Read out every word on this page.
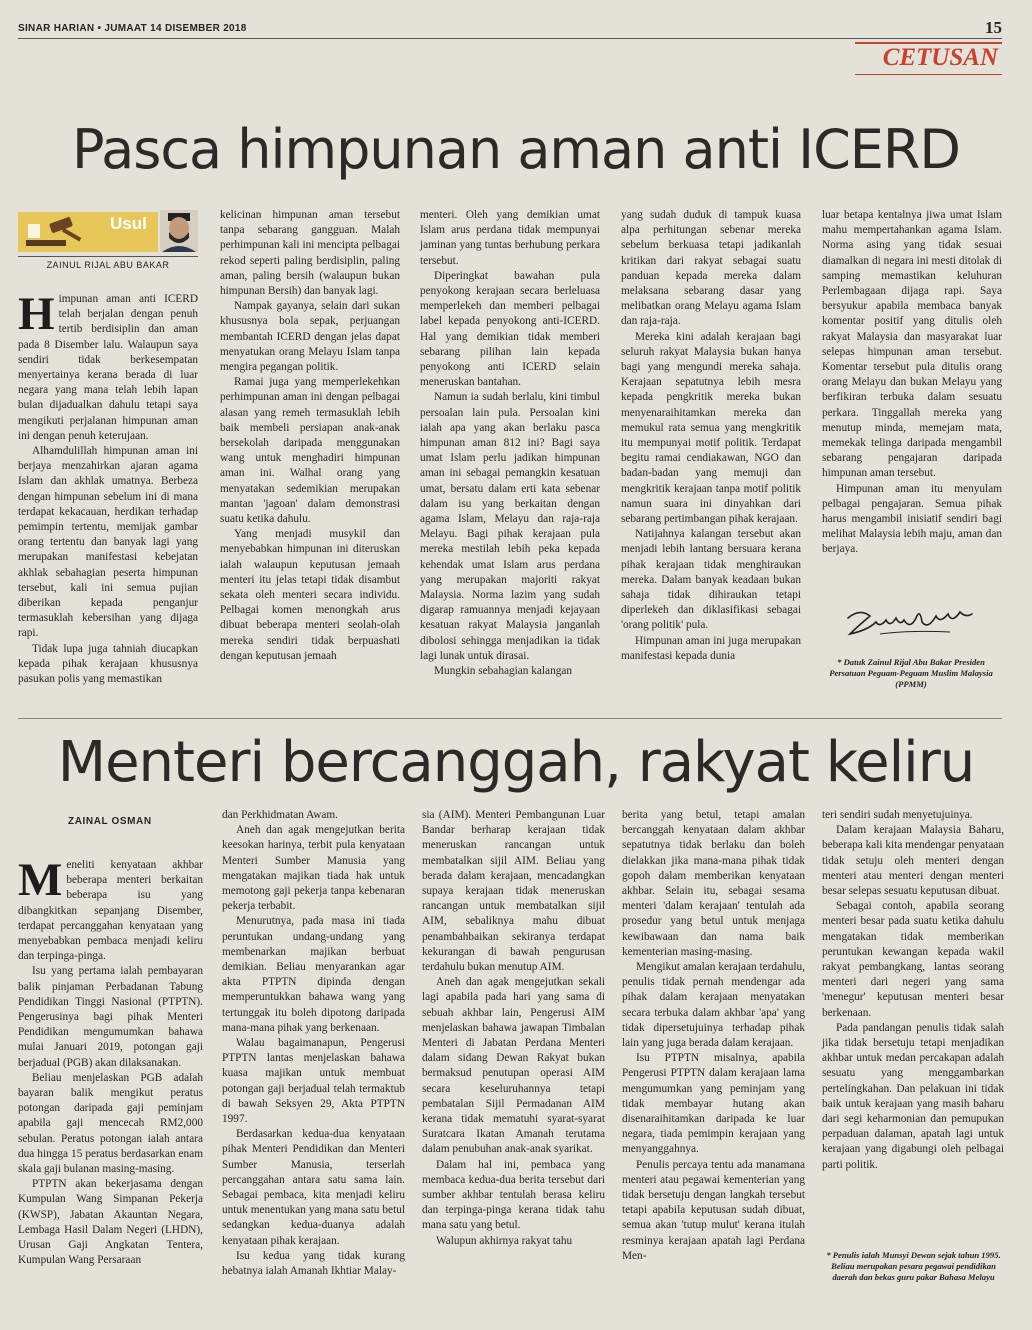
SINAR HARIAN • JUMAAT 14 DISEMBER 2018	15
CETUSAN
Pasca himpunan aman anti ICERD
Usul
ZAINUL RIJAL ABU BAKAR

Himpunan aman anti ICERD telah berjalan dengan penuh tertib berdisiplin dan aman pada 8 Disember lalu. Walaupun saya sendiri tidak berkesempatan menyertainya kerana berada di luar negara yang mana telah lebih lapan bulan dijadualkan dahulu tetapi saya mengikuti perjalanan himpunan aman ini dengan penuh keterujaan.

Alhamdulillah himpunan aman ini berjaya menzahirkan ajaran agama Islam dan akhlak umatnya. Berbeza dengan himpunan sebelum ini di mana terdapat kekacauan, herdikan terhadap pemimpin tertentu, memijak gambar orang tertentu dan banyak lagi yang merupakan manifestasi kebejatan akhlak sebahagian peserta himpunan tersebut, kali ini semua pujian diberikan kepada penganjur termasuklah kebersihan yang dijaga rapi.

Tidak lupa juga tahniah diucapkan kepada pihak kerajaan khususnya pasukan polis yang memastikan

kelicinan himpunan aman tersebut tanpa sebarang gangguan. Malah perhimpunan kali ini mencipta pelbagai rekod seperti paling berdisiplin, paling aman, paling bersih (walaupun bukan himpunan Bersih) dan banyak lagi.

Nampak gayanya, selain dari sukan khususnya bola sepak, perjuangan membantah ICERD dengan jelas dapat menyatukan orang Melayu Islam tanpa mengira pegangan politik.

Ramai juga yang memperlekehkan perhimpunan aman ini dengan pelbagai alasan yang remeh termasuklah lebih baik membeli persiapan anak-anak bersekolah daripada menggunakan wang untuk menghadiri himpunan aman ini. Walhal orang yang menyatakan sedemikian merupakan mantan 'jagoan' dalam demonstrasi suatu ketika dahulu.

Yang menjadi musykil dan menyebabkan himpunan ini diteruskan ialah walaupun keputusan jemaah menteri itu jelas tetapi tidak disambut sekata oleh menteri secara individu. Pelbagai komen menongkah arus dibuat beberapa menteri seolah-olah mereka sendiri tidak berpuashati dengan keputusan jemaah

menteri. Oleh yang demikian umat Islam arus perdana tidak mempunyai jaminan yang tuntas berhubung perkara tersebut.

Diperingkat bawahan pula penyokong kerajaan secara berleluasa memperlekeh dan memberi pelbagai label kepada penyokong anti-ICERD. Hal yang demikian tidak memberi sebarang pilihan lain kepada penyokong anti ICERD selain meneruskan bantahan.

Namun ia sudah berlalu, kini timbul persoalan lain pula. Persoalan kini ialah apa yang akan berlaku pasca himpunan aman 812 ini? Bagi saya umat Islam perlu jadikan himpunan aman ini sebagai pemangkin kesatuan umat, bersatu dalam erti kata sebenar dalam isu yang berkaitan dengan agama Islam, Melayu dan raja-raja Melayu. Bagi pihak kerajaan pula mereka mestilah lebih peka kepada kehendak umat Islam arus perdana yang merupakan majoriti rakyat Malaysia. Norma lazim yang sudah digarap ramuannya menjadi kejayaan kesatuan rakyat Malaysia janganlah dibolosi sehingga menjadikan ia tidak lagi lunak untuk dirasai.

Mungkin sebahagian kalangan

yang sudah duduk di tampuk kuasa alpa perhitungan sebenar mereka sebelum berkuasa tetapi jadikanlah kritikan dari rakyat sebagai suatu panduan kepada mereka dalam melaksana sebarang dasar yang melibatkan orang Melayu agama Islam dan raja-raja.

Mereka kini adalah kerajaan bagi seluruh rakyat Malaysia bukan hanya bagi yang mengundi mereka sahaja. Kerajaan sepatutnya lebih mesra kepada pengkritik mereka bukan menyenaraihitamkan mereka dan memukul rata semua yang mengkritik itu mempunyai motif politik. Terdapat begitu ramai cendiakawan, NGO dan badan-badan yang memuji dan mengkritik kerajaan tanpa motif politik namun suara ini dinyahkan dari sebarang pertimbangan pihak kerajaan.

Natijahnya kalangan tersebut akan menjadi lebih lantang bersuara kerana pihak kerajaan tidak menghiraukan mereka. Dalam banyak keadaan bukan sahaja tidak dihiraukan tetapi diperlekeh dan diklasifikasi sebagai 'orang politik' pula.

Himpunan aman ini juga merupakan manifestasi kepada dunia

luar betapa kentalnya jiwa umat Islam mahu mempertahankan agama Islam. Norma asing yang tidak sesuai diamalkan di negara ini mesti ditolak di samping memastikan keluhuran Perlembagaan dijaga rapi. Saya bersyukur apabila membaca banyak komentar positif yang ditulis oleh rakyat Malaysia dan masyarakat luar selepas himpunan aman tersebut. Komentar tersebut pula ditulis orang orang Melayu dan bukan Melayu yang berfikiran terbuka dalam sesuatu perkara. Tinggallah mereka yang menutup minda, memejam mata, memekak telinga daripada mengambil sebarang pengajaran daripada himpunan aman tersebut.

Himpunan aman itu menyulam pelbagai pengajaran. Semua pihak harus mengambil inisiatif sendiri bagi melihat Malaysia lebih maju, aman dan berjaya.

* Datuk Zainul Rijal Abu Bakar Presiden Persatuan Peguam-Peguam Muslim Malaysia (PPMM)
Menteri bercanggah, rakyat keliru
ZAINAL OSMAN

Meneliti kenyataan akhbar beberapa menteri berkaitan beberapa isu yang dibangkitkan sepanjang Disember, terdapat percanggahan kenyataan yang menyebabkan pembaca menjadi keliru dan terpinga-pinga.

Isu yang pertama ialah pembayaran balik pinjaman Perbadanan Tabung Pendidikan Tinggi Nasional (PTPTN). Pengerusinya bagi pihak Menteri Pendidikan mengumumkan bahawa mulai Januari 2019, potongan gaji berjadual (PGB) akan dilaksanakan.

Beliau menjelaskan PGB adalah bayaran balik mengikut peratus potongan daripada gaji peminjam apabila gaji mencecah RM2,000 sebulan. Peratus potongan ialah antara dua hingga 15 peratus berdasarkan enam skala gaji bulanan masing-masing.

PTPTN akan bekerjasama dengan Kumpulan Wang Simpanan Pekerja (KWSP), Jabatan Akauntan Negara, Lembaga Hasil Dalam Negeri (LHDN), Urusan Gaji Angkatan Tentera, Kumpulan Wang Persaraan

dan Perkhidmatan Awam.

Aneh dan agak mengejutkan berita keesokan harinya, terbit pula kenyataan Menteri Sumber Manusia yang mengatakan majikan tiada hak untuk memotong gaji pekerja tanpa kebenaran pekerja terbabit.

Menurutnya, pada masa ini tiada peruntukan undang-undang yang membenarkan majikan berbuat demikian. Beliau menyarankan agar akta PTPTN dipinda dengan memperuntukkan bahawa wang yang tertunggak itu boleh dipotong daripada mana-mana pihak yang berkenaan.

Walau bagaimanapun, Pengerusi PTPTN lantas menjelaskan bahawa kuasa majikan untuk membuat potongan gaji berjadual telah termaktub di bawah Seksyen 29, Akta PTPTN 1997.

Berdasarkan kedua-dua kenyataan pihak Menteri Pendidikan dan Menteri Sumber Manusia, terserlah percanggahan antara satu sama lain. Sebagai pembaca, kita menjadi keliru untuk menentukan yang mana satu betul sedangkan kedua-duanya adalah kenyataan pihak kerajaan.

Isu kedua yang tidak kurang hebatnya ialah Amanah Ikhtiar Malay-

sia (AIM). Menteri Pembangunan Luar Bandar berharap kerajaan tidak meneruskan rancangan untuk membatalkan sijil AIM. Beliau yang berada dalam kerajaan, mencadangkan supaya kerajaan tidak meneruskan rancangan untuk membatalkan sijil AIM, sebaliknya mahu dibuat penambahbaikan sekiranya terdapat kekurangan di bawah pengurusan terdahulu bukan menutup AIM.

Aneh dan agak mengejutkan sekali lagi apabila pada hari yang sama di sebuah akhbar lain, Pengerusi AIM menjelaskan bahawa jawapan Timbalan Menteri di Jabatan Perdana Menteri dalam sidang Dewan Rakyat bukan bermaksud penutupan operasi AIM secara keseluruhannya tetapi pembatalan Sijil Permadanan AIM kerana tidak mematuhi syarat-syarat Suratcara Ikatan Amanah terutama dalam penubuhan anak-anak syarikat.

Dalam hal ini, pembaca yang membaca kedua-dua berita tersebut dari sumber akhbar tentulah berasa keliru dan terpinga-pinga kerana tidak tahu mana satu yang betul.

Walupun akhirnya rakyat tahu

berita yang betul, tetapi amalan bercanggah kenyataan dalam akhbar sepatutnya tidak berlaku dan boleh dielakkan jika mana-mana pihak tidak gopoh dalam memberikan kenyataan akhbar. Selain itu, sebagai sesama menteri 'dalam kerajaan' tentulah ada prosedur yang betul untuk menjaga kewibawaan dan nama baik kementerian masing-masing.

Mengikut amalan kerajaan terdahulu, penulis tidak pernah mendengar ada pihak dalam kerajaan menyatakan secara terbuka dalam akhbar 'apa' yang tidak dipersetujuinya terhadap pihak lain yang juga berada dalam kerajaan.

Isu PTPTN misalnya, apabila Pengerusi PTPTN dalam kerajaan lama mengumumkan yang peminjam yang tidak membayar hutang akan disenaraihitamkan daripada ke luar negara, tiada pemimpin kerajaan yang menyanggahnya.

Penulis percaya tentu ada manamana menteri atau pegawai kementerian yang tidak bersetuju dengan langkah tersebut tetapi apabila keputusan sudah dibuat, semua akan 'tutup mulut' kerana itulah resminya kerajaan apatah lagi Perdana Men-

teri sendiri sudah menyetujuinya.

Dalam kerajaan Malaysia Baharu, beberapa kali kita mendengar penyataan tidak setuju oleh menteri dengan menteri atau menteri dengan menteri besar selepas sesuatu keputusan dibuat.

Sebagai contoh, apabila seorang menteri besar pada suatu ketika dahulu mengatakan tidak memberikan peruntukan kewangan kepada wakil rakyat pembangkang, lantas seorang menteri dari negeri yang sama 'menegur' keputusan menteri besar berkenaan.

Pada pandangan penulis tidak salah jika tidak bersetuju tetapi menjadikan akhbar untuk medan percakapan adalah sesuatu yang menggambarkan pertelingkahan. Dan pelakuan ini tidak baik untuk kerajaan yang masih baharu dari segi keharmonian dan pemupukan perpaduan dalaman, apatah lagi untuk kerajaan yang digabungi oleh pelbagai parti politik.

* Penulis ialah Munsyi Dewan sejak tahun 1995. Beliau merupakan pesara pegawai pendidikan daerah dan bekas guru pakar Bahasa Melayu
